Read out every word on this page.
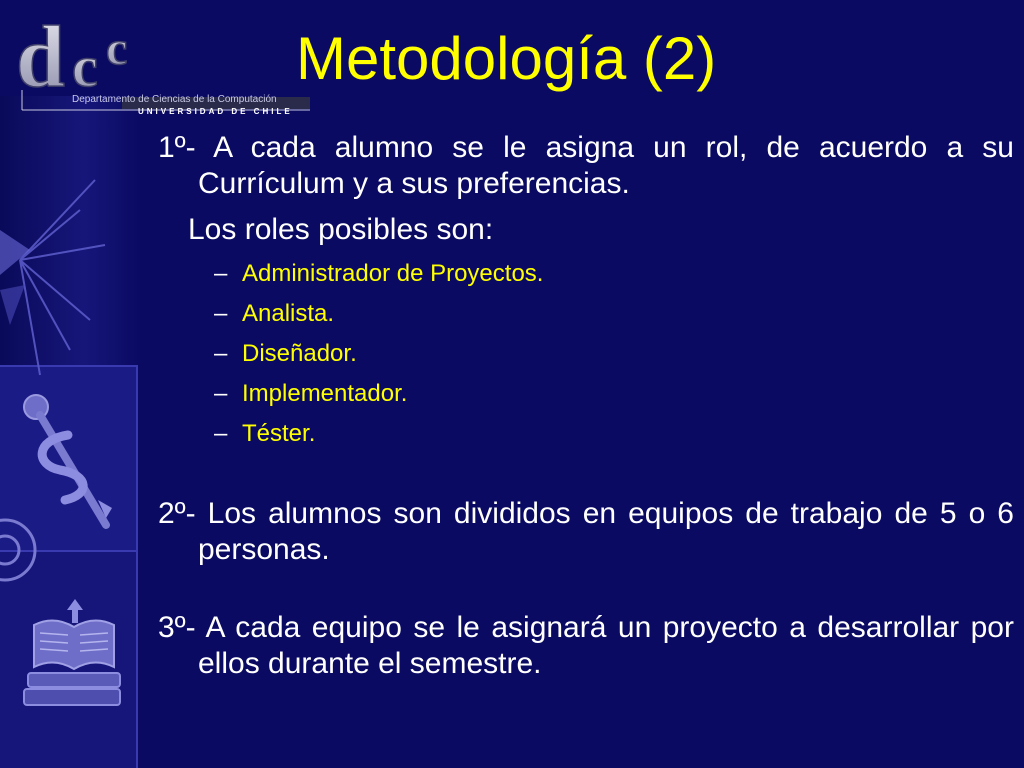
d c c
Departamento de Ciencias de la Computación
UNIVERSIDAD DE CHILE
Metodología (2)

1º- A cada alumno se le asigna un rol, de acuerdo a su Currículum y a sus preferencias.

Los roles posibles son:

– Administrador de Proyectos.
– Analista.
– Diseñador.
– Implementador.
– Téster.

2º- Los alumnos son divididos en equipos de trabajo de 5 o 6 personas.

3º- A cada equipo se le asignará un proyecto a desarrollar por ellos durante el semestre.
